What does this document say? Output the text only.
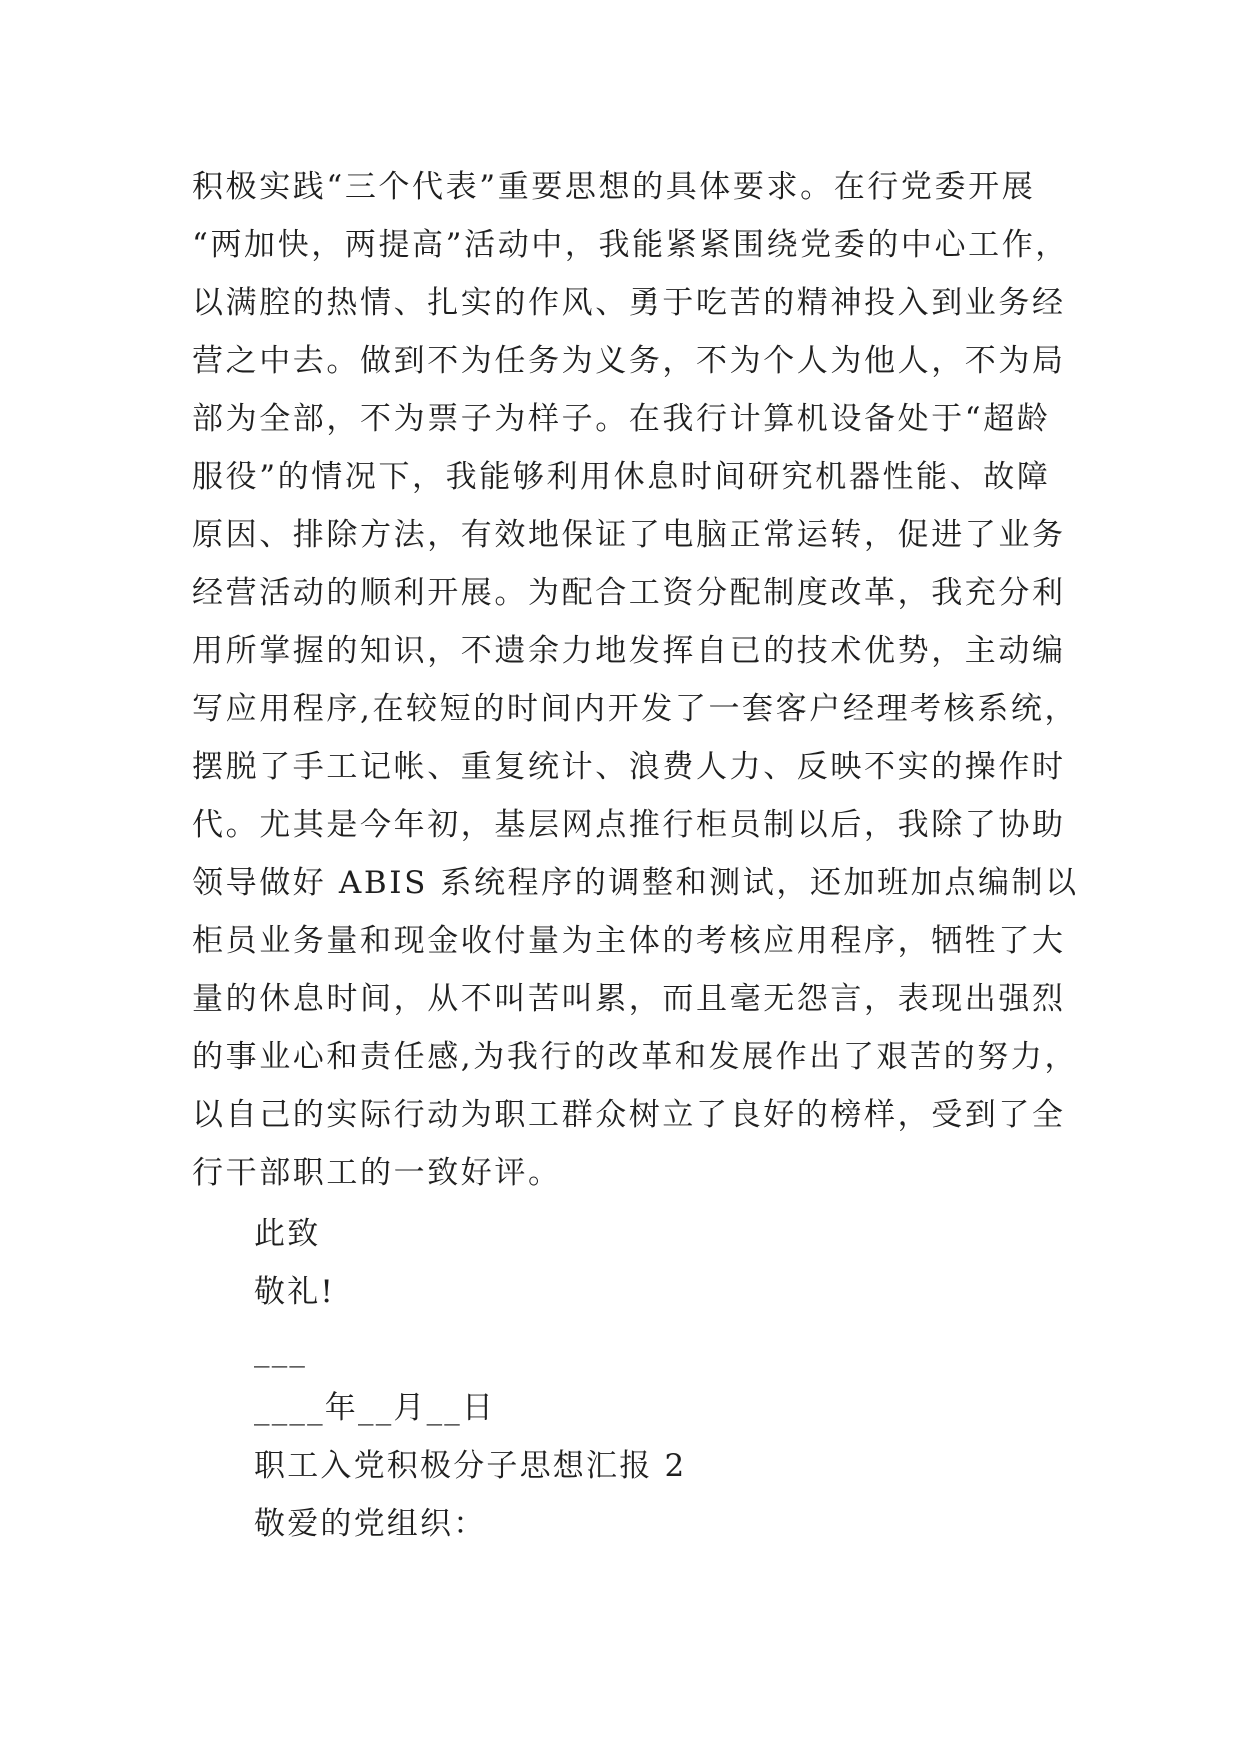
积极实践“三个代表”重要思想的具体要求。在行党委开展
“两加快，两提高”活动中，我能紧紧围绕党委的中心工作，
以满腔的热情、扎实的作风、勇于吃苦的精神投入到业务经
营之中去。做到不为任务为义务，不为个人为他人，不为局
部为全部，不为票子为样子。在我行计算机设备处于“超龄
服役”的情况下，我能够利用休息时间研究机器性能、故障
原因、排除方法，有效地保证了电脑正常运转，促进了业务
经营活动的顺利开展。为配合工资分配制度改革，我充分利
用所掌握的知识，不遗余力地发挥自已的技术优势，主动编
写应用程序,在较短的时间内开发了一套客户经理考核系统，
摆脱了手工记帐、重复统计、浪费人力、反映不实的操作时
代。尤其是今年初，基层网点推行柜员制以后，我除了协助
领导做好 ABIS 系统程序的调整和测试，还加班加点编制以
柜员业务量和现金收付量为主体的考核应用程序，牺牲了大
量的休息时间，从不叫苦叫累，而且毫无怨言，表现出强烈
的事业心和责任感,为我行的改革和发展作出了艰苦的努力，
以自己的实际行动为职工群众树立了良好的榜样，受到了全
行干部职工的一致好评。
此致
敬礼!
___
____年__月__日
职工入党积极分子思想汇报 2
敬爱的党组织：
